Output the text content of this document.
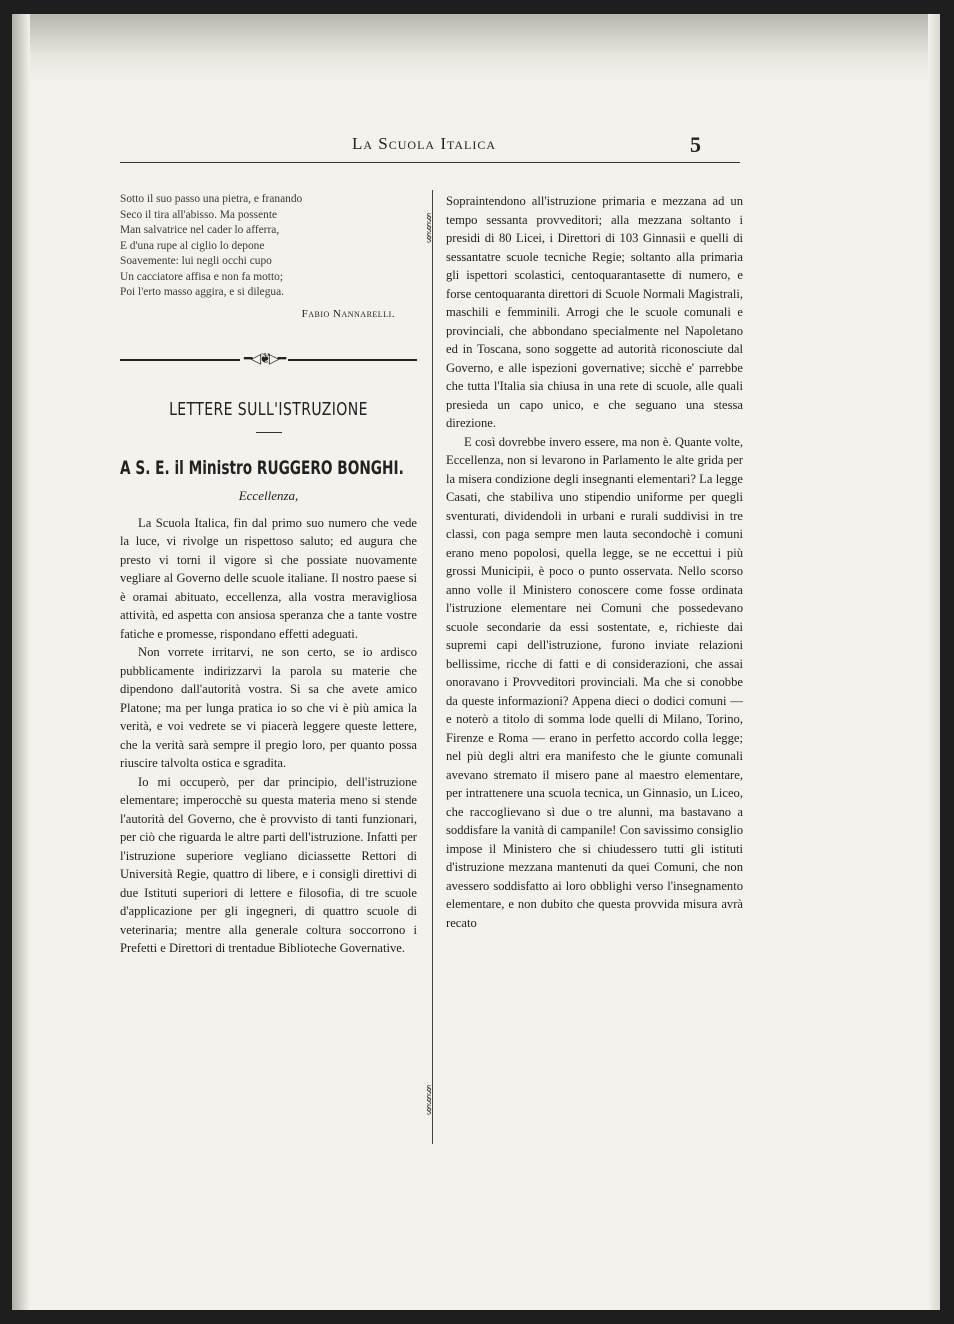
La Scuola Italica	5

Sotto il suo passo una pietra, e franando

Seco il tira all'abisso. Ma possente

Man salvatrice nel cader lo afferra,

E d'una rupe al ciglio lo depone

Soavemente: lui negli occhi cupo

Un cacciatore affisa e non fa motto;

Poi l'erto masso aggira, e si dilegua.

Fabio Nannarelli.
━◁❦▷━
LETTERE SULL'ISTRUZIONE
A S. E. il Ministro RUGGERO BONGHI.
Eccellenza,

La Scuola Italica, fin dal primo suo numero che vede la luce, vi rivolge un rispettoso saluto; ed augura che presto vi torni il vigore sì che possiate nuovamente vegliare al Governo delle scuole italiane. Il nostro paese si è oramai abituato, eccellenza, alla vostra meravigliosa attività, ed aspetta con ansiosa speranza che a tante vostre fatiche e promesse, rispondano effetti adeguati.

Non vorrete irritarvi, ne son certo, se io ardisco pubblicamente indirizzarvi la parola su materie che dipendono dall'autorità vostra. Si sa che avete amico Platone; ma per lunga pratica io so che vi è più amica la verità, e voi vedrete se vi piacerà leggere queste lettere, che la verità sarà sempre il pregio loro, per quanto possa riuscire talvolta ostica e sgradita.

Io mi occuperò, per dar principio, dell'istruzione elementare; imperocchè su questa materia meno si stende l'autorità del Governo, che è provvisto di tanti funzionari, per ciò che riguarda le altre parti dell'istruzione. Infatti per l'istruzione superiore vegliano diciassette Rettori di Università Regie, quattro di libere, e i consigli direttivi di due Istituti superiori di lettere e filosofia, di tre scuole d'applicazione per gli ingegneri, di quattro scuole di veterinaria; mentre alla generale coltura soccorrono i Prefetti e Direttori di trentadue Biblioteche Governative.

§
§
§
§
§
§

Sopraintendono all'istruzione primaria e mezzana ad un tempo sessanta provveditori; alla mezzana soltanto i presidi di 80 Licei, i Direttori di 103 Ginnasii e quelli di sessantatre scuole tecniche Regie; soltanto alla primaria gli ispettori scolastici, centoquarantasette di numero, e forse centoquaranta direttori di Scuole Normali Magistrali, maschili e femminili. Arrogi che le scuole comunali e provinciali, che abbondano specialmente nel Napoletano ed in Toscana, sono soggette ad autorità riconosciute dal Governo, e alle ispezioni governative; sicchè e' parrebbe che tutta l'Italia sia chiusa in una rete di scuole, alle quali presieda un capo unico, e che seguano una stessa direzione.

E così dovrebbe invero essere, ma non è. Quante volte, Eccellenza, non si levarono in Parlamento le alte grida per la misera condizione degli insegnanti elementari? La legge Casati, che stabiliva uno stipendio uniforme per quegli sventurati, dividendoli in urbani e rurali suddivisi in tre classi, con paga sempre men lauta secondochè i comuni erano meno popolosi, quella legge, se ne eccettui i più grossi Municipii, è poco o punto osservata. Nello scorso anno volle il Ministero conoscere come fosse ordinata l'istruzione elementare nei Comuni che possedevano scuole secondarie da essi sostentate, e, richieste dai supremi capi dell'istruzione, furono inviate relazioni bellissime, ricche di fatti e di considerazioni, che assai onoravano i Provveditori provinciali. Ma che si conobbe da queste informazioni? Appena dieci o dodici comuni — e noterò a titolo di somma lode quelli di Milano, Torino, Firenze e Roma — erano in perfetto accordo colla legge; nel più degli altri era manifesto che le giunte comunali avevano stremato il misero pane al maestro elementare, per intrattenere una scuola tecnica, un Ginnasio, un Liceo, che raccoglievano sì due o tre alunni, ma bastavano a soddisfare la vanità di campanile! Con savissimo consiglio impose il Ministero che si chiudessero tutti gli istituti d'istruzione mezzana mantenuti da quei Comuni, che non avessero soddisfatto ai loro obblighi verso l'insegnamento elementare, e non dubito che questa provvida misura avrà recato
